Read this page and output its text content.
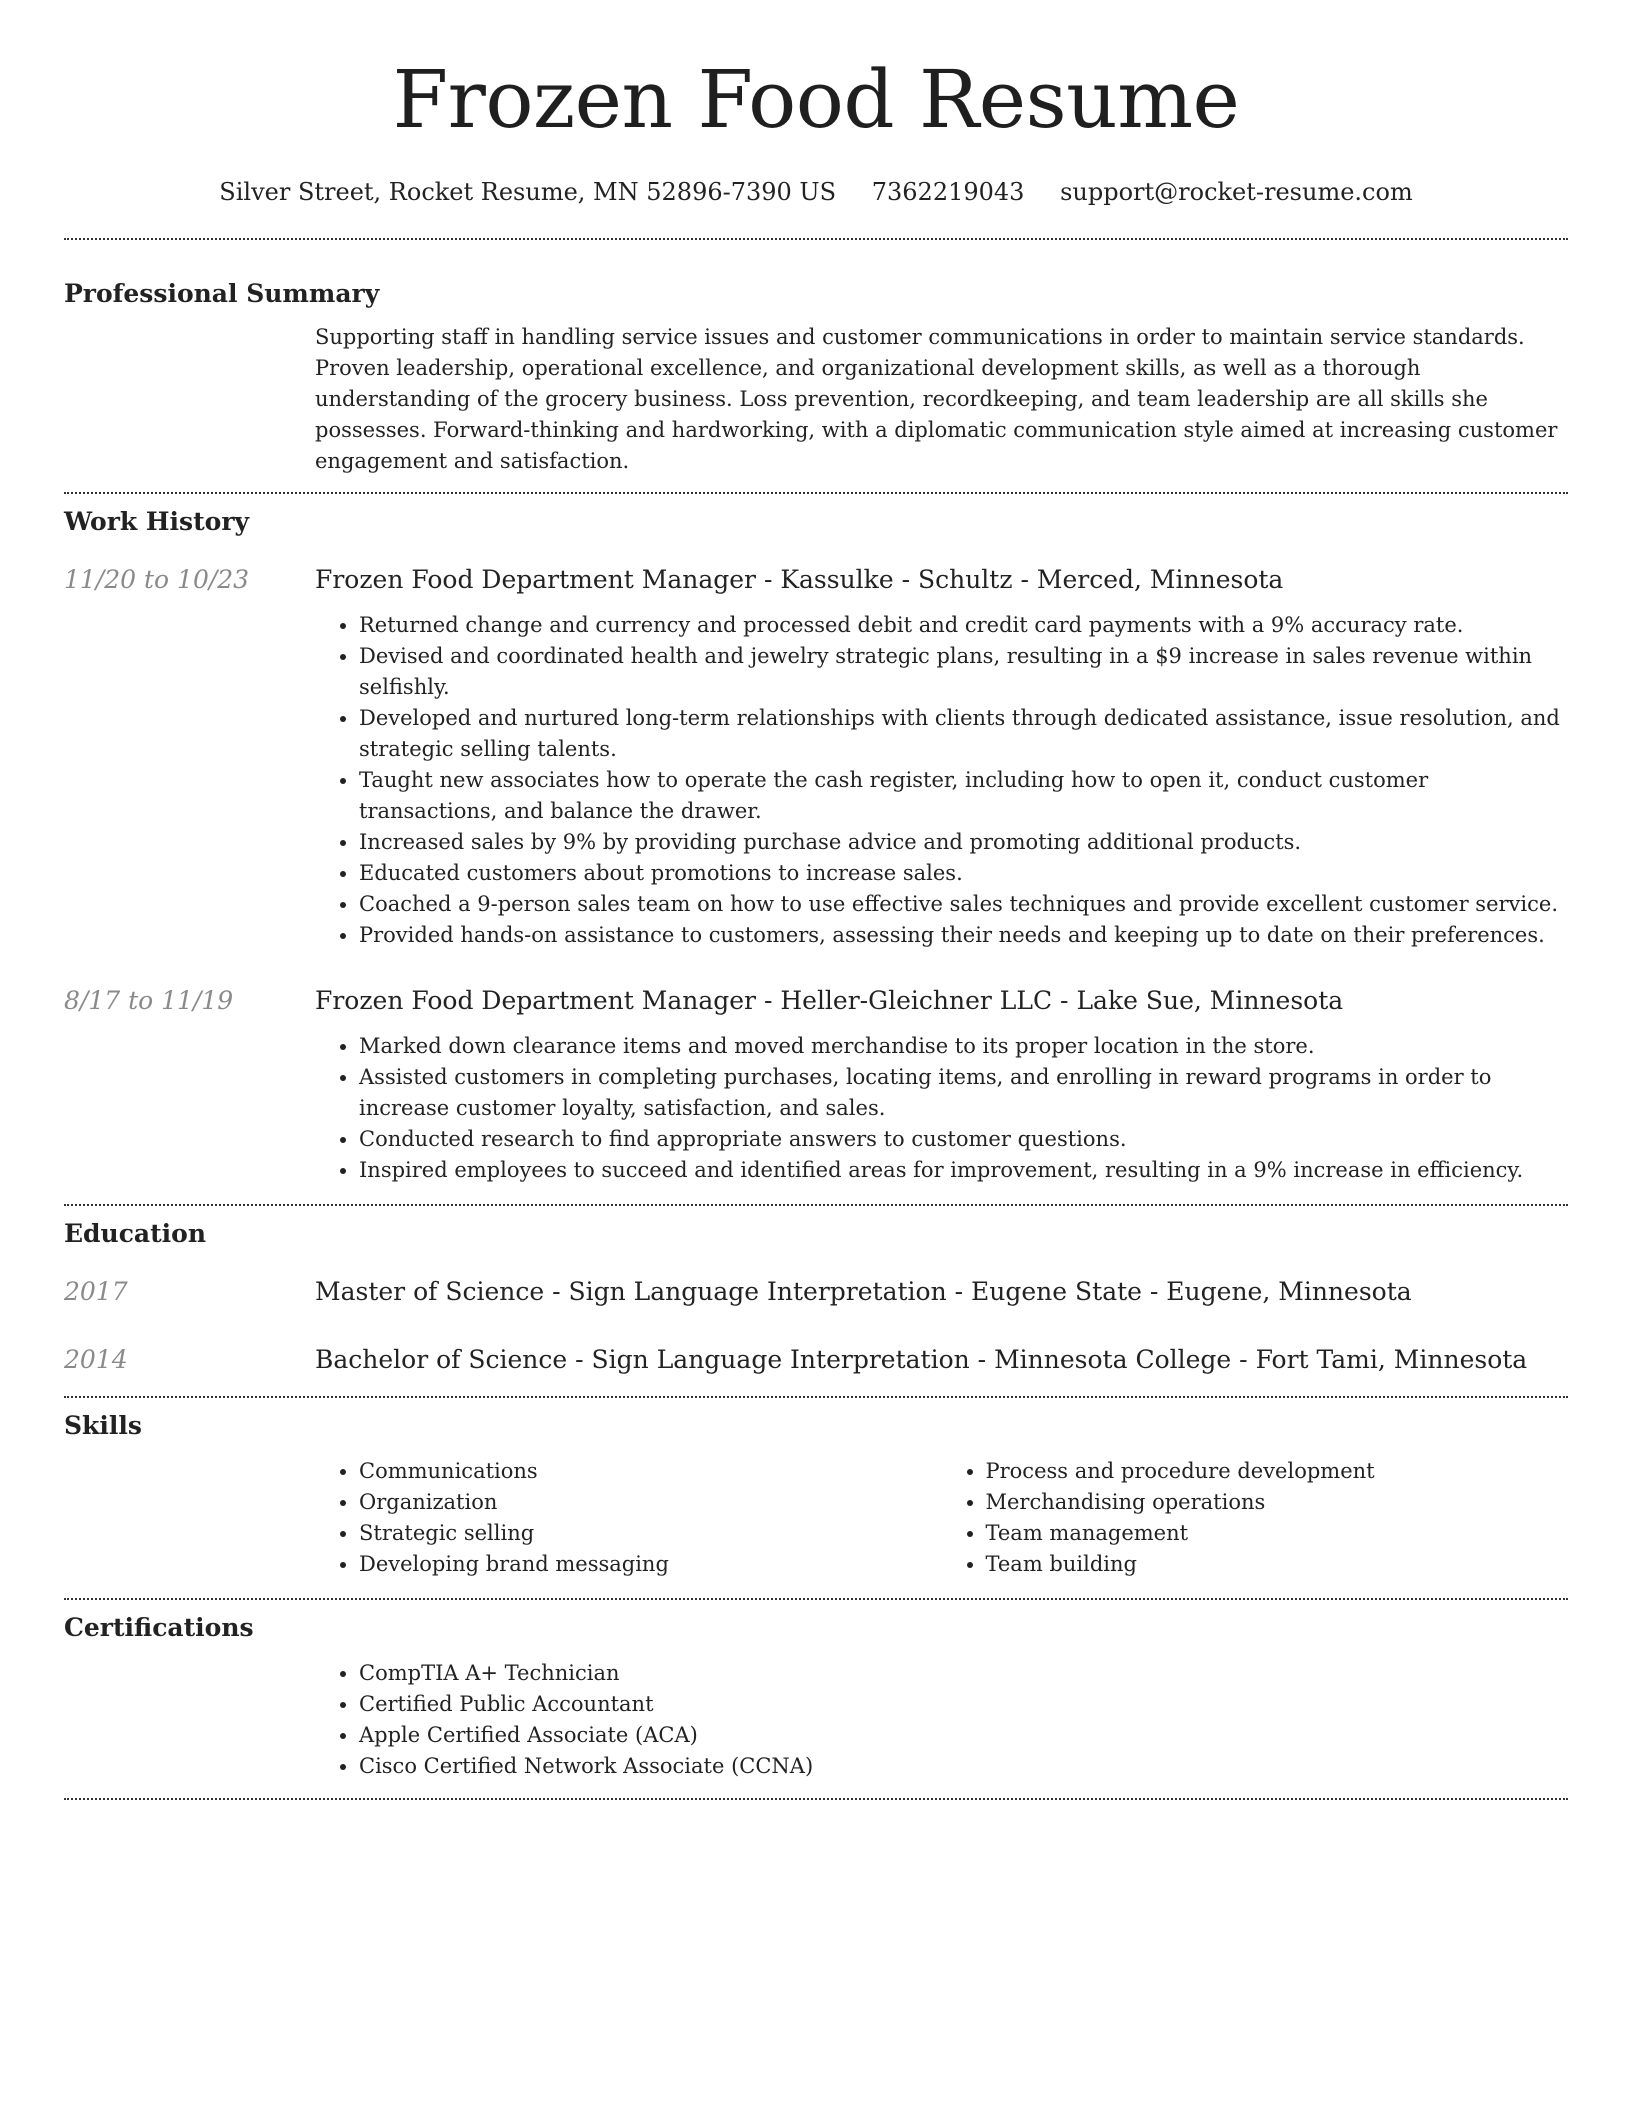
Frozen Food Resume
Silver Street, Rocket Resume, MN 52896-7390 US 7362219043 support@rocket-resume.com
Professional Summary

Supporting staff in handling service issues and customer communications in order to maintain service standards. Proven leadership, operational excellence, and organizational development skills, as well as a thorough understanding of the grocery business. Loss prevention, recordkeeping, and team leadership are all skills she possesses. Forward-thinking and hardworking, with a diplomatic communication style aimed at increasing customer engagement and satisfaction.

Work History
11/20 to 10/23	Frozen Food Department Manager - Kassulke - Schultz - Merced, Minnesota
• Returned change and currency and processed debit and credit card payments with a 9% accuracy rate.
• Devised and coordinated health and jewelry strategic plans, resulting in a $9 increase in sales revenue within selfishly.
• Developed and nurtured long-term relationships with clients through dedicated assistance, issue resolution, and strategic selling talents.
• Taught new associates how to operate the cash register, including how to open it, conduct customer transactions, and balance the drawer.
• Increased sales by 9% by providing purchase advice and promoting additional products.
• Educated customers about promotions to increase sales.
• Coached a 9-person sales team on how to use effective sales techniques and provide excellent customer service.
• Provided hands-on assistance to customers, assessing their needs and keeping up to date on their preferences.
8/17 to 11/19	Frozen Food Department Manager - Heller-Gleichner LLC - Lake Sue, Minnesota
• Marked down clearance items and moved merchandise to its proper location in the store.
• Assisted customers in completing purchases, locating items, and enrolling in reward programs in order to increase customer loyalty, satisfaction, and sales.
• Conducted research to find appropriate answers to customer questions.
• Inspired employees to succeed and identified areas for improvement, resulting in a 9% increase in efficiency.
Education
2017	Master of Science - Sign Language Interpretation - Eugene State - Eugene, Minnesota
2014	Bachelor of Science - Sign Language Interpretation - Minnesota College - Fort Tami, Minnesota
Skills
• Communications
• Organization
• Strategic selling
• Developing brand messaging
• Process and procedure development
• Merchandising operations
• Team management
• Team building
Certifications
• CompTIA A+ Technician
• Certified Public Accountant
• Apple Certified Associate (ACA)
• Cisco Certified Network Associate (CCNA)
